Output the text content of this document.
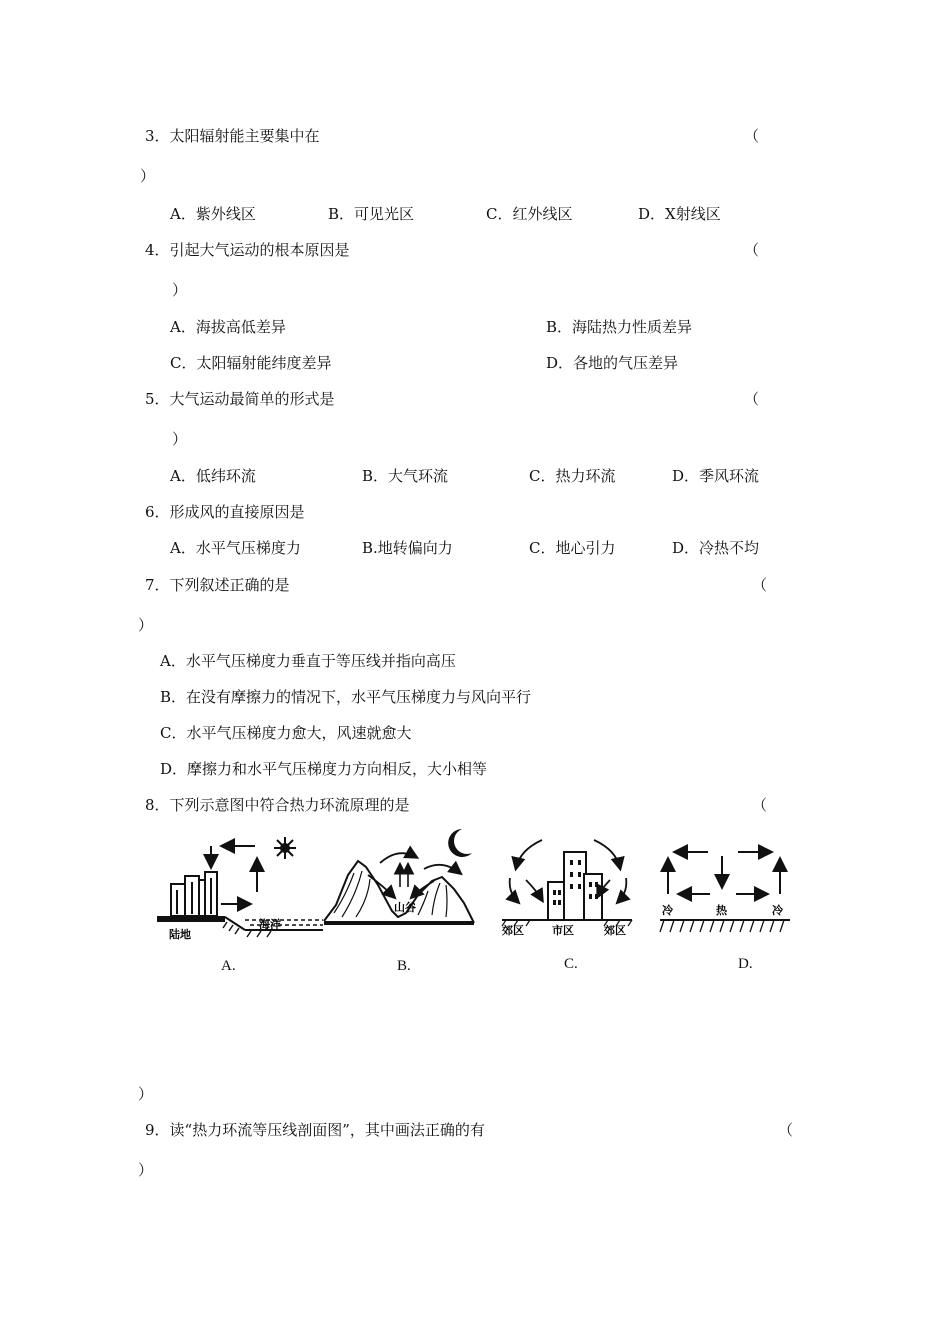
3．太阳辐射能主要集中在	（
）
A．紫外线区	B．可见光区	C．红外线区	D．X射线区
4．引起大气运动的根本原因是	（
）
A．海拔高低差异	B．海陆热力性质差异
C．太阳辐射能纬度差异	D．各地的气压差异
5．大气运动最简单的形式是	（
）
A．低纬环流	B．大气环流	C．热力环流	D．季风环流
6．形成风的直接原因是
A．水平气压梯度力	B.地转偏向力	C．地心引力	D．冷热不均
7．下列叙述正确的是	（
）
A．水平气压梯度力垂直于等压线并指向高压
B．在没有摩擦力的情况下，水平气压梯度力与风向平行
C．水平气压梯度力愈大，风速就愈大
D．摩擦力和水平气压梯度力方向相反，大小相等
8．下列示意图中符合热力环流原理的是	（
陆地
海洋
A.
山谷
B.
郊区	市区	郊区
C.
冷	热	冷
D.
）
9．读“热力环流等压线剖面图”，其中画法正确的有	（
）
